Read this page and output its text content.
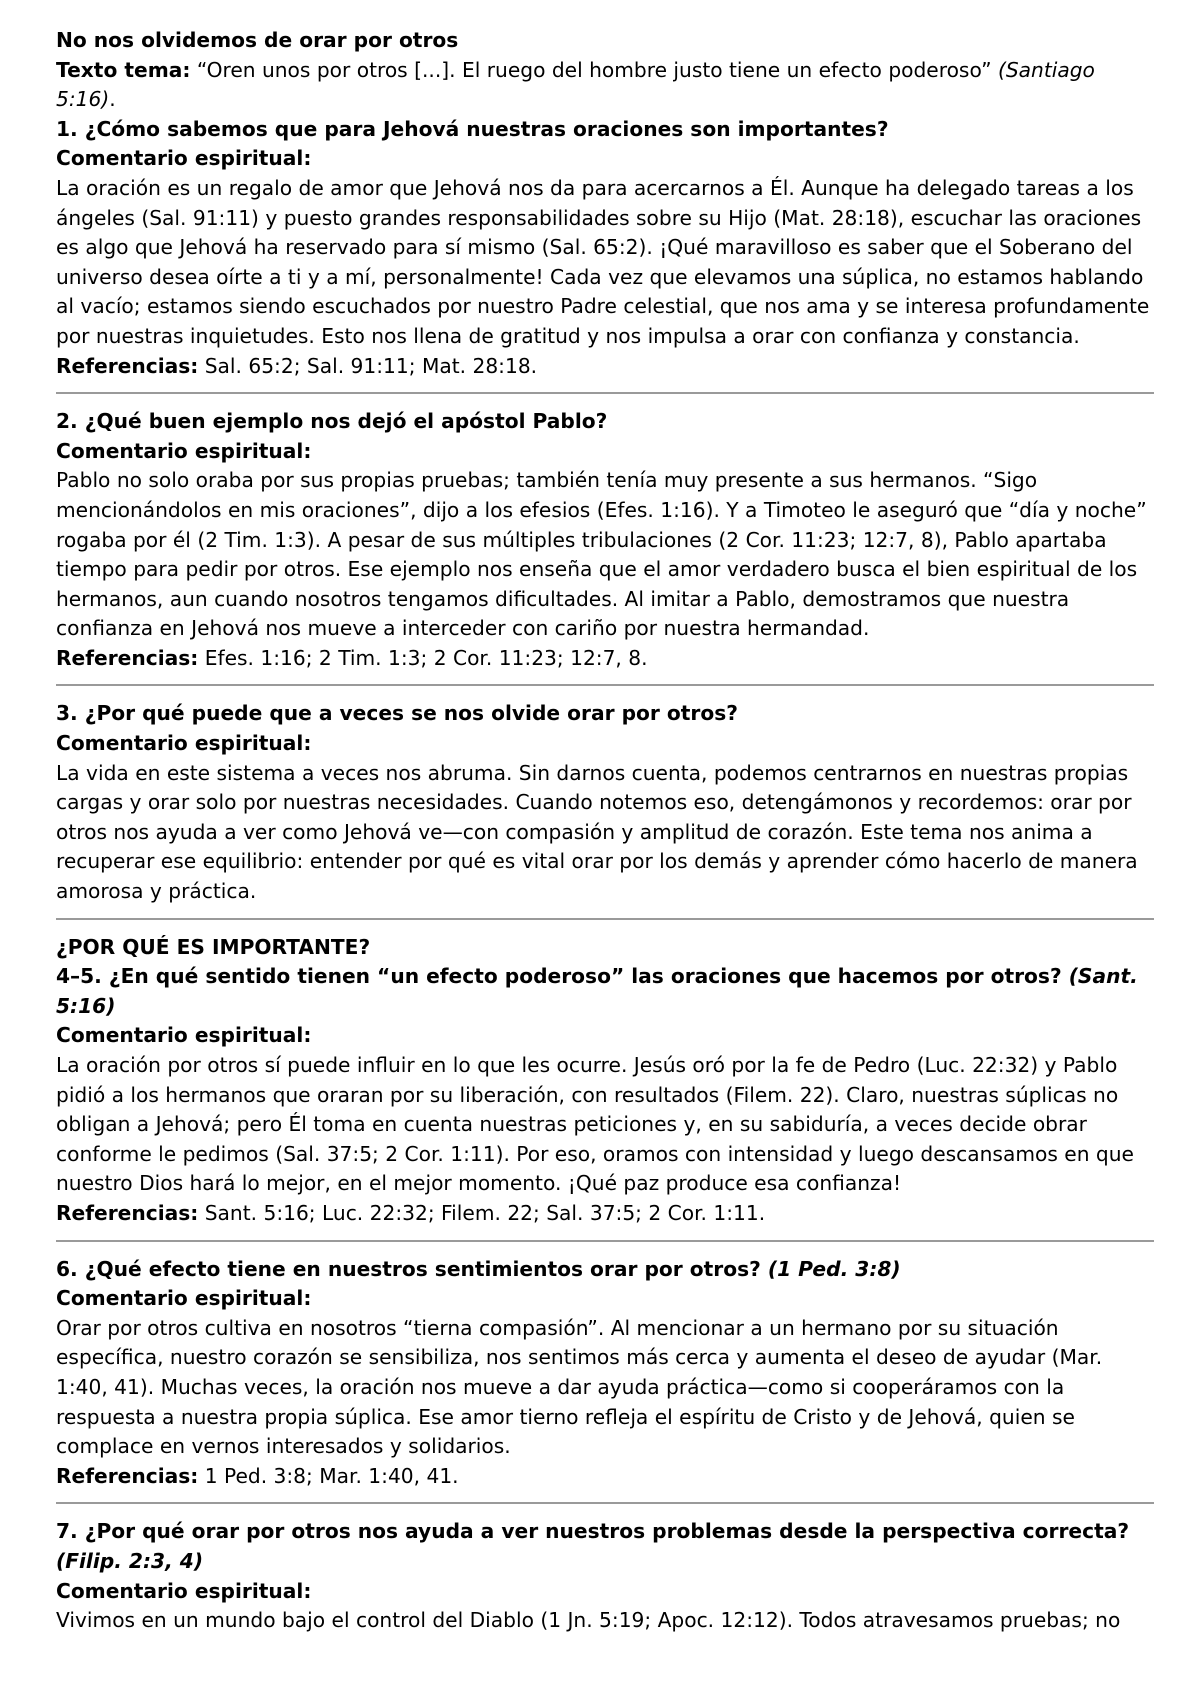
No nos olvidemos de orar por otros

Texto tema: “Oren unos por otros [...]. El ruego del hombre justo tiene un efecto poderoso” (Santiago 5:16).

1. ¿Cómo sabemos que para Jehová nuestras oraciones son importantes?

Comentario espiritual:

La oración es un regalo de amor que Jehová nos da para acercarnos a Él. Aunque ha delegado tareas a los ángeles (Sal. 91:11) y puesto grandes responsabilidades sobre su Hijo (Mat. 28:18), escuchar las oraciones es algo que Jehová ha reservado para sí mismo (Sal. 65:2). ¡Qué maravilloso es saber que el Soberano del universo desea oírte a ti y a mí, personalmente! Cada vez que elevamos una súplica, no estamos hablando al vacío; estamos siendo escuchados por nuestro Padre celestial, que nos ama y se interesa profundamente por nuestras inquietudes. Esto nos llena de gratitud y nos impulsa a orar con confianza y constancia.

Referencias: Sal. 65:2; Sal. 91:11; Mat. 28:18.

2. ¿Qué buen ejemplo nos dejó el apóstol Pablo?

Comentario espiritual:

Pablo no solo oraba por sus propias pruebas; también tenía muy presente a sus hermanos. “Sigo mencionándolos en mis oraciones”, dijo a los efesios (Efes. 1:16). Y a Timoteo le aseguró que “día y noche” rogaba por él (2 Tim. 1:3). A pesar de sus múltiples tribulaciones (2 Cor. 11:23; 12:7, 8), Pablo apartaba tiempo para pedir por otros. Ese ejemplo nos enseña que el amor verdadero busca el bien espiritual de los hermanos, aun cuando nosotros tengamos dificultades. Al imitar a Pablo, demostramos que nuestra confianza en Jehová nos mueve a interceder con cariño por nuestra hermandad.

Referencias: Efes. 1:16; 2 Tim. 1:3; 2 Cor. 11:23; 12:7, 8.

3. ¿Por qué puede que a veces se nos olvide orar por otros?

Comentario espiritual:

La vida en este sistema a veces nos abruma. Sin darnos cuenta, podemos centrarnos en nuestras propias cargas y orar solo por nuestras necesidades. Cuando notemos eso, detengámonos y recordemos: orar por otros nos ayuda a ver como Jehová ve—con compasión y amplitud de corazón. Este tema nos anima a recuperar ese equilibrio: entender por qué es vital orar por los demás y aprender cómo hacerlo de manera amorosa y práctica.

¿POR QUÉ ES IMPORTANTE?

4–5. ¿En qué sentido tienen “un efecto poderoso” las oraciones que hacemos por otros? (Sant. 5:16)

Comentario espiritual:

La oración por otros sí puede influir en lo que les ocurre. Jesús oró por la fe de Pedro (Luc. 22:32) y Pablo pidió a los hermanos que oraran por su liberación, con resultados (Filem. 22). Claro, nuestras súplicas no obligan a Jehová; pero Él toma en cuenta nuestras peticiones y, en su sabiduría, a veces decide obrar conforme le pedimos (Sal. 37:5; 2 Cor. 1:11). Por eso, oramos con intensidad y luego descansamos en que nuestro Dios hará lo mejor, en el mejor momento. ¡Qué paz produce esa confianza!

Referencias: Sant. 5:16; Luc. 22:32; Filem. 22; Sal. 37:5; 2 Cor. 1:11.

6. ¿Qué efecto tiene en nuestros sentimientos orar por otros? (1 Ped. 3:8)

Comentario espiritual:

Orar por otros cultiva en nosotros “tierna compasión”. Al mencionar a un hermano por su situación específica, nuestro corazón se sensibiliza, nos sentimos más cerca y aumenta el deseo de ayudar (Mar. 1:40, 41). Muchas veces, la oración nos mueve a dar ayuda práctica—como si cooperáramos con la respuesta a nuestra propia súplica. Ese amor tierno refleja el espíritu de Cristo y de Jehová, quien se complace en vernos interesados y solidarios.

Referencias: 1 Ped. 3:8; Mar. 1:40, 41.

7. ¿Por qué orar por otros nos ayuda a ver nuestros problemas desde la perspectiva correcta? (Filip. 2:3, 4)

Comentario espiritual:

Vivimos en un mundo bajo el control del Diablo (1 Jn. 5:19; Apoc. 12:12). Todos atravesamos pruebas; no
